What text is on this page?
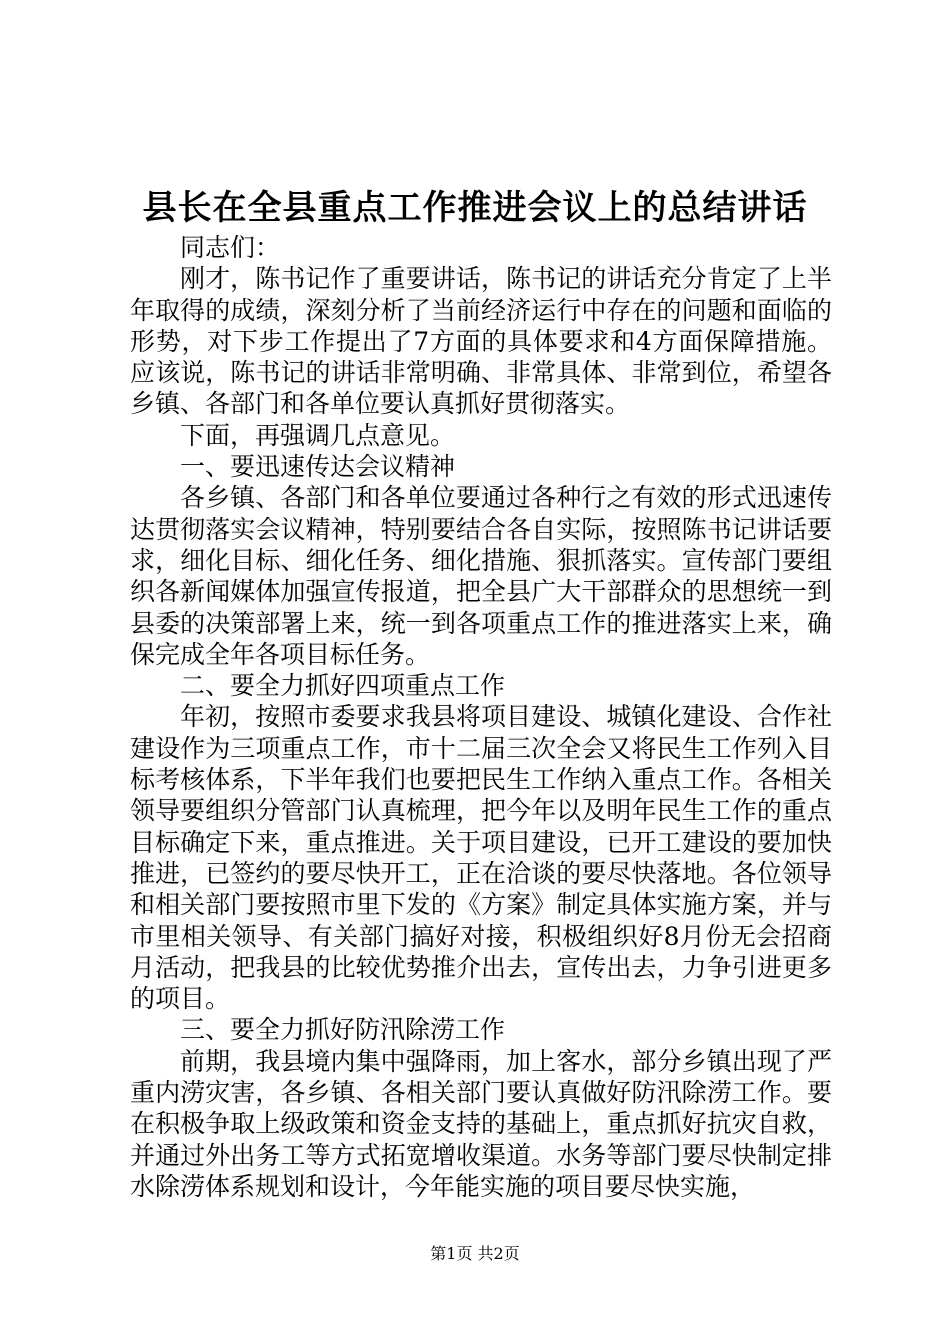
县长在全县重点工作推进会议上的总结讲话

同志们：

刚才，陈书记作了重要讲话，陈书记的讲话充分肯定了上半年取得的成绩，深刻分析了当前经济运行中存在的问题和面临的形势，对下步工作提出了7方面的具体要求和4方面保障措施。应该说，陈书记的讲话非常明确、非常具体、非常到位，希望各乡镇、各部门和各单位要认真抓好贯彻落实。

下面，再强调几点意见。

一、要迅速传达会议精神

各乡镇、各部门和各单位要通过各种行之有效的形式迅速传达贯彻落实会议精神，特别要结合各自实际，按照陈书记讲话要求，细化目标、细化任务、细化措施、狠抓落实。宣传部门要组织各新闻媒体加强宣传报道，把全县广大干部群众的思想统一到县委的决策部署上来，统一到各项重点工作的推进落实上来，确保完成全年各项目标任务。

二、要全力抓好四项重点工作

年初，按照市委要求我县将项目建设、城镇化建设、合作社建设作为三项重点工作，市十二届三次全会又将民生工作列入目标考核体系，下半年我们也要把民生工作纳入重点工作。各相关领导要组织分管部门认真梳理，把今年以及明年民生工作的重点目标确定下来，重点推进。关于项目建设，已开工建设的要加快推进，已签约的要尽快开工，正在洽谈的要尽快落地。各位领导和相关部门要按照市里下发的《方案》制定具体实施方案，并与市里相关领导、有关部门搞好对接，积极组织好8月份无会招商月活动，把我县的比较优势推介出去，宣传出去，力争引进更多的项目。

三、要全力抓好防汛除涝工作

前期，我县境内集中强降雨，加上客水，部分乡镇出现了严重内涝灾害，各乡镇、各相关部门要认真做好防汛除涝工作。要在积极争取上级政策和资金支持的基础上，重点抓好抗灾自救，并通过外出务工等方式拓宽增收渠道。水务等部门要尽快制定排水除涝体系规划和设计，今年能实施的项目要尽快实施，

第1页 共2页
